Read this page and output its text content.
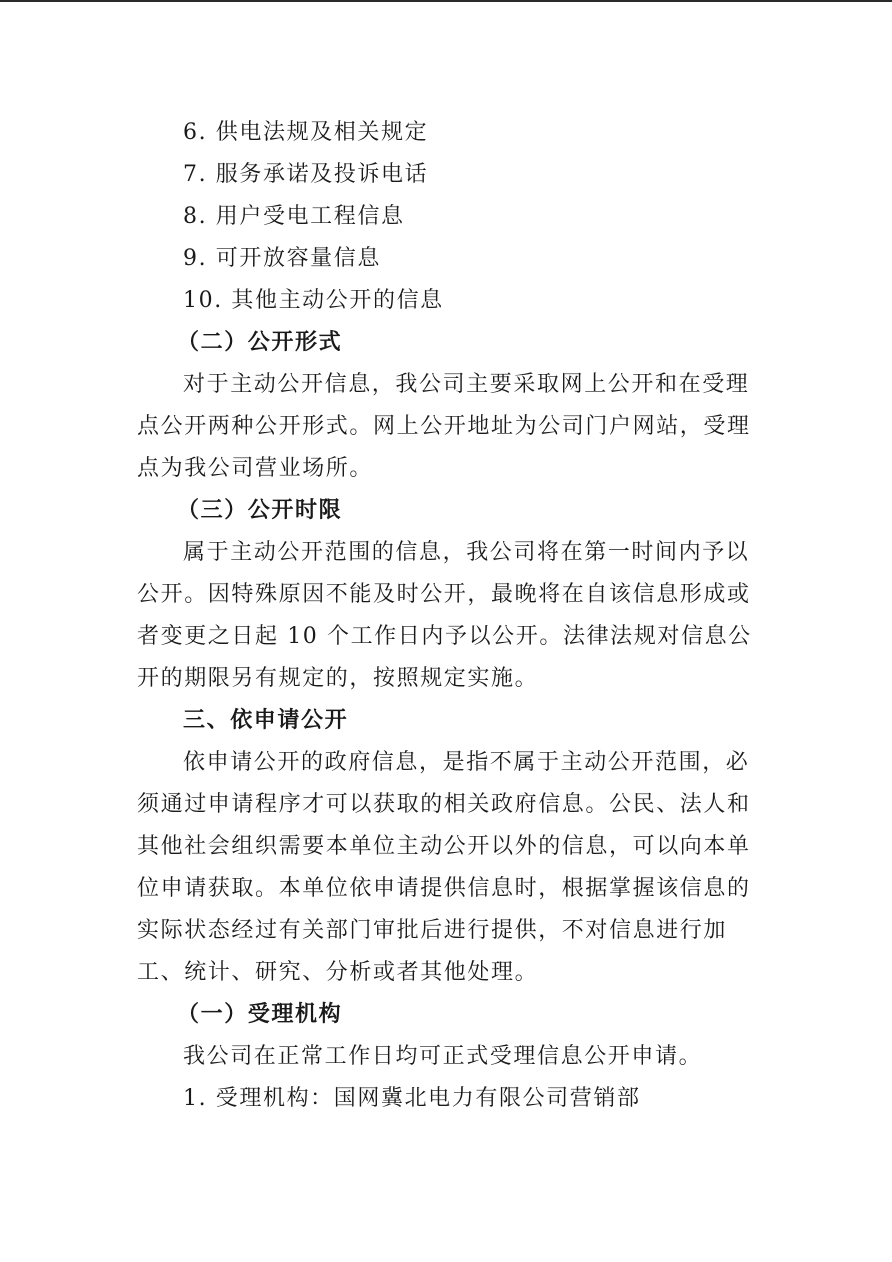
6. 供电法规及相关规定
7. 服务承诺及投诉电话
8. 用户受电工程信息
9. 可开放容量信息
10. 其他主动公开的信息
（二）公开形式
对于主动公开信息，我公司主要采取网上公开和在受理
点公开两种公开形式。网上公开地址为公司门户网站，受理
点为我公司营业场所。
（三）公开时限
属于主动公开范围的信息，我公司将在第一时间内予以
公开。因特殊原因不能及时公开，最晚将在自该信息形成或
者变更之日起 10 个工作日内予以公开。法律法规对信息公
开的期限另有规定的，按照规定实施。
三、依申请公开
依申请公开的政府信息，是指不属于主动公开范围，必
须通过申请程序才可以获取的相关政府信息。公民、法人和
其他社会组织需要本单位主动公开以外的信息，可以向本单
位申请获取。本单位依申请提供信息时，根据掌握该信息的
实际状态经过有关部门审批后进行提供，不对信息进行加
工、统计、研究、分析或者其他处理。
（一）受理机构
我公司在正常工作日均可正式受理信息公开申请。
1. 受理机构：国网冀北电力有限公司营销部
